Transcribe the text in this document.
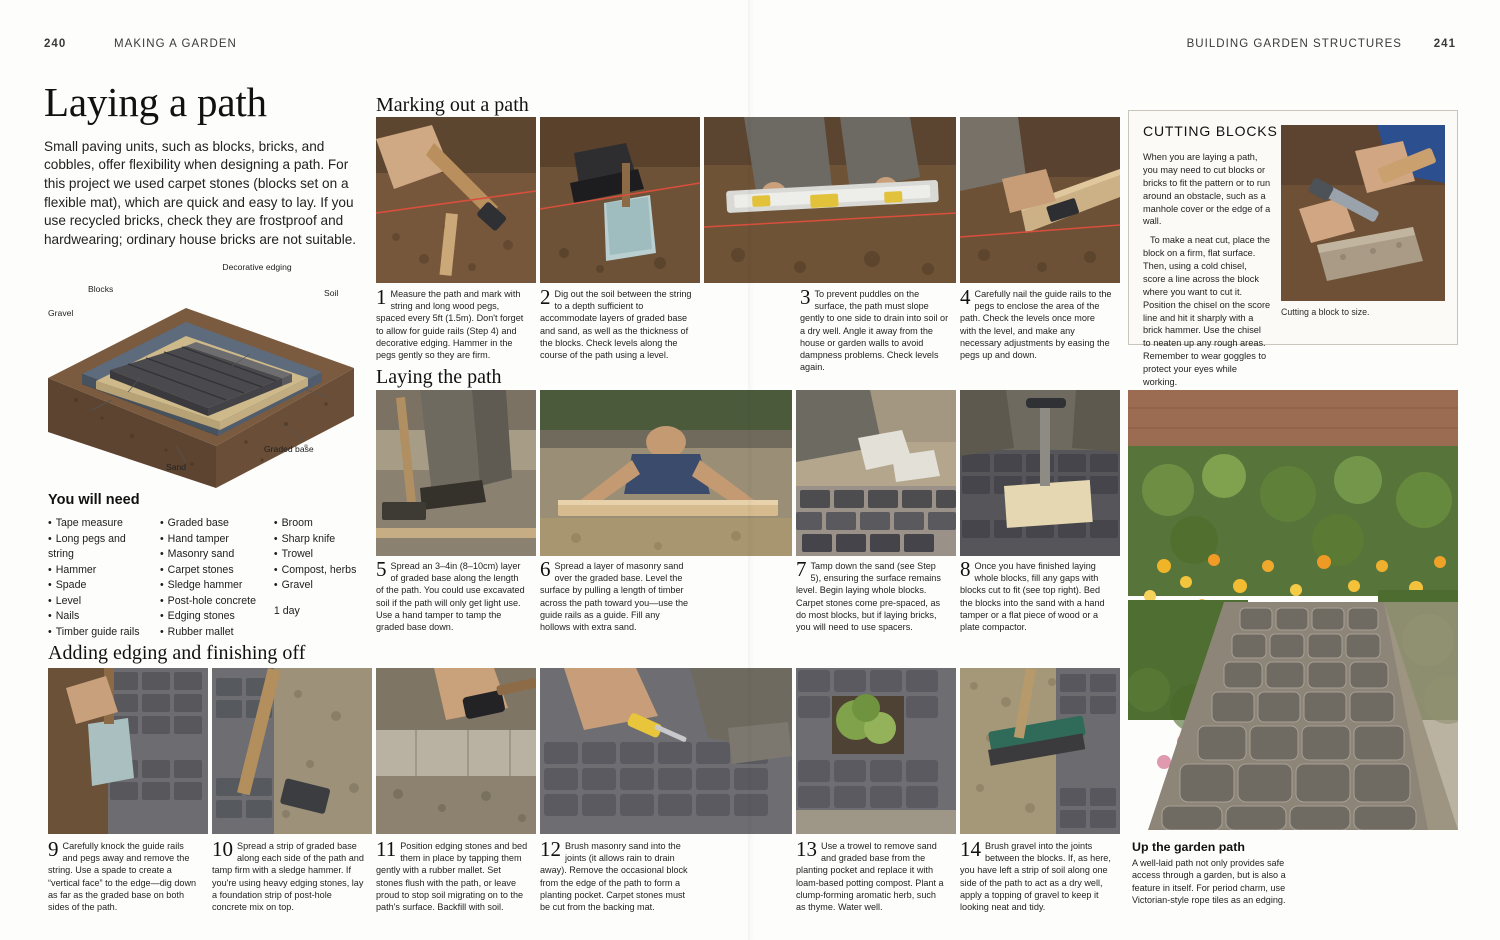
240	MAKING A GARDEN	BUILDING GARDEN STRUCTURES	241
Laying a path

Small paving units, such as blocks, bricks, and cobbles, offer flexibility when designing a path. For this project we used carpet stones (blocks set on a flexible mat), which are quick and easy to lay. If you use recycled bricks, check they are frostproof and hardwearing; ordinary house bricks are not suitable.

Decorative edging
Blocks	Soil
Gravel
Sand
Graded base
You will need
• Tape measure
• Long pegs and string
• Hammer
• Spade
• Level
• Nails
• Timber guide rails
• Graded base
• Hand tamper
• Masonry sand
• Carpet stones
• Sledge hammer
• Post-hole concrete
• Edging stones
• Rubber mallet
• Broom
• Sharp knife
• Trowel
• Compost, herbs
• Gravel
1 day
Marking out a path
1 Measure the path and mark with string and long wood pegs, spaced every 5ft (1.5m). Don't forget to allow for guide rails (Step 4) and decorative edging. Hammer in the pegs gently so they are firm.
2 Dig out the soil between the string to a depth sufficient to accommodate layers of graded base and sand, as well as the thickness of the blocks. Check levels along the course of the path using a level.
3 To prevent puddles on the surface, the path must slope gently to one side to drain into soil or a dry well. Angle it away from the house or garden walls to avoid dampness problems. Check levels again.
4 Carefully nail the guide rails to the pegs to enclose the area of the path. Check the levels once more with the level, and make any necessary adjustments by easing the pegs up and down.
Laying the path
5 Spread an 3–4in (8–10cm) layer of graded base along the length of the path. You could use excavated soil if the path will only get light use. Use a hand tamper to tamp the graded base down.
6 Spread a layer of masonry sand over the graded base. Level the surface by pulling a length of timber across the path toward you—use the guide rails as a guide. Fill any hollows with extra sand.
7 Tamp down the sand (see Step 5), ensuring the surface remains level. Begin laying whole blocks. Carpet stones come pre-spaced, as do most blocks, but if laying bricks, you will need to use spacers.
8 Once you have finished laying whole blocks, fill any gaps with blocks cut to fit (see top right). Bed the blocks into the sand with a hand tamper or a flat piece of wood or a plate compactor.
Adding edging and finishing off
9 Carefully knock the guide rails and pegs away and remove the string. Use a spade to create a “vertical face” to the edge—dig down as far as the graded base on both sides of the path.
10 Spread a strip of graded base along each side of the path and tamp firm with a sledge hammer. If you're using heavy edging stones, lay a foundation strip of post-hole concrete mix on top.
11 Position edging stones and bed them in place by tapping them gently with a rubber mallet. Set stones flush with the path, or leave proud to stop soil migrating on to the path's surface. Backfill with soil.
12 Brush masonry sand into the joints (it allows rain to drain away). Remove the occasional block from the edge of the path to form a planting pocket. Carpet stones must be cut from the backing mat.
13 Use a trowel to remove sand and graded base from the planting pocket and replace it with loam-based potting compost. Plant a clump-forming aromatic herb, such as thyme. Water well.
14 Brush gravel into the joints between the blocks. If, as here, you have left a strip of soil along one side of the path to act as a dry well, apply a topping of gravel to keep it looking neat and tidy.
CUTTING BLOCKS

When you are laying a path, you may need to cut blocks or bricks to fit the pattern or to run around an obstacle, such as a manhole cover or the edge of a wall.

To make a neat cut, place the block on a firm, flat surface. Then, using a cold chisel, score a line across the block where you want to cut it. Position the chisel on the score line and hit it sharply with a brick hammer. Use the chisel to neaten up any rough areas. Remember to wear goggles to protect your eyes while working.

Cutting a block to size.
Up the garden path

A well-laid path not only provides safe access through a garden, but is also a feature in itself. For period charm, use Victorian-style rope tiles as an edging.
